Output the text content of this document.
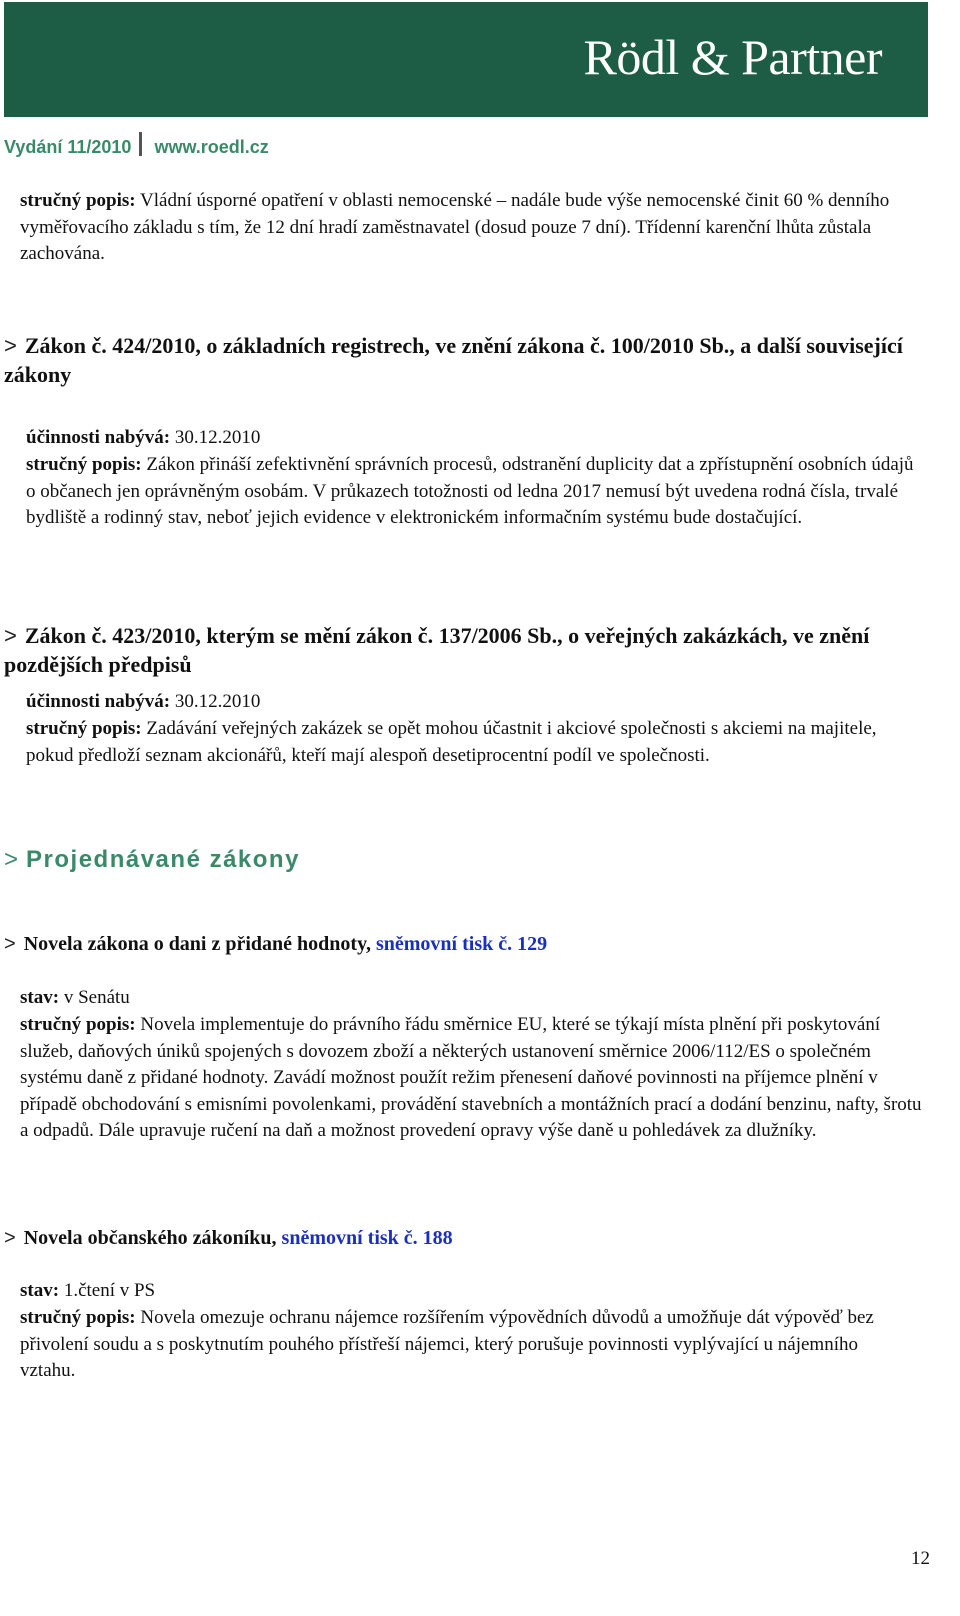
Rödl & Partner
Vydání 11/2010 www.roedl.cz

stručný popis: Vládní úsporné opatření v oblasti nemocenské – nadále bude výše nemocenské činit 60 % denního vyměřovacího základu s tím, že 12 dní hradí zaměstnavatel (dosud pouze 7 dní). Třídenní karenční lhůta zůstala zachována.

> Zákon č. 424/2010, o základních registrech, ve znění zákona č. 100/2010 Sb., a další související zákony

účinnosti nabývá: 30.12.2010

stručný popis: Zákon přináší zefektivnění správních procesů, odstranění duplicity dat a zpřístupnění osobních údajů o občanech jen oprávněným osobám. V průkazech totožnosti od ledna 2017 nemusí být uvedena rodná čísla, trvalé bydliště a rodinný stav, neboť jejich evidence v elektronickém informačním systému bude dostačující.

> Zákon č. 423/2010, kterým se mění zákon č. 137/2006 Sb., o veřejných zakázkách, ve znění pozdějších předpisů

účinnosti nabývá: 30.12.2010

stručný popis: Zadávání veřejných zakázek se opět mohou účastnit i akciové společnosti s akciemi na majitele, pokud předloží seznam akcionářů, kteří mají alespoň desetiprocentní podíl ve společnosti.

> Projednávané zákony

> Novela zákona o dani z přidané hodnoty, sněmovní tisk č. 129

stav: v Senátu

stručný popis: Novela implementuje do právního řádu směrnice EU, které se týkají místa plnění při poskytování služeb, daňových úniků spojených s dovozem zboží a některých ustanovení směrnice 2006/112/ES o společném systému daně z přidané hodnoty. Zavádí možnost použít režim přenesení daňové povinnosti na příjemce plnění v případě obchodování s emisními povolenkami, provádění stavebních a montážních prací a dodání benzinu, nafty, šrotu a odpadů. Dále upravuje ručení na daň a možnost provedení opravy výše daně u pohledávek za dlužníky.

> Novela občanského zákoníku, sněmovní tisk č. 188

stav: 1.čtení v PS

stručný popis: Novela omezuje ochranu nájemce rozšířením výpovědních důvodů a umožňuje dát výpověď bez přivolení soudu a s poskytnutím pouhého přístřeší nájemci, který porušuje povinnosti vyplývající u nájemního vztahu.

12
